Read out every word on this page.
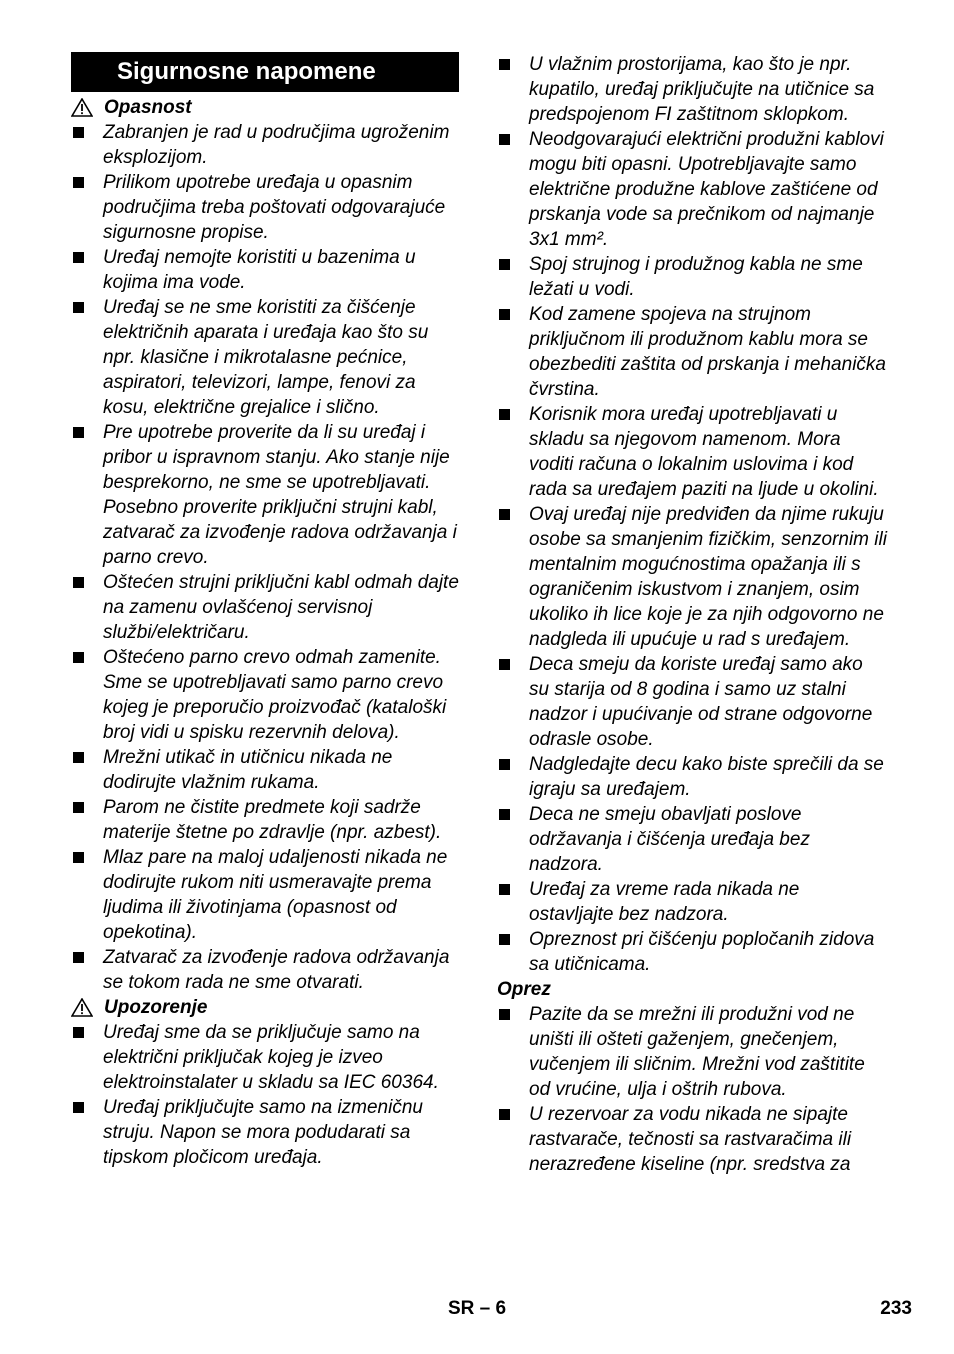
Sigurnosne napomene
Opasnost
Zabranjen je rad u područjima ugroženim eksplozijom.
Prilikom upotrebe uređaja u opasnim područjima treba poštovati odgovarajuće sigurnosne propise.
Uređaj nemojte koristiti u bazenima u kojima ima vode.
Uređaj se ne sme koristiti za čišćenje električnih aparata i uređaja kao što su npr. klasične i mikrotalasne pećnice, aspiratori, televizori, lampe, fenovi za kosu, električne grejalice i slično.
Pre upotrebe proverite da li su uređaj i pribor u ispravnom stanju. Ako stanje nije besprekorno, ne sme se upotrebljavati. Posebno proverite priključni strujni kabl, zatvarač za izvođenje radova održavanja i parno crevo.
Oštećen strujni priključni kabl odmah dajte na zamenu ovlašćenoj servisnoj službi/električaru.
Oštećeno parno crevo odmah zamenite. Sme se upotrebljavati samo parno crevo kojeg je preporučio proizvođač (kataloški broj vidi u spisku rezervnih delova).
Mrežni utikač in utičnicu nikada ne dodirujte vlažnim rukama.
Parom ne čistite predmete koji sadrže materije štetne po zdravlje (npr. azbest).
Mlaz pare na maloj udaljenosti nikada ne dodirujte rukom niti usmeravajte prema ljudima ili životinjama (opasnost od opekotina).
Zatvarač za izvođenje radova održavanja se tokom rada ne sme otvarati.
Upozorenje
Uređaj sme da se priključuje samo na električni priključak kojeg je izveo elektroinstalater u skladu sa IEC 60364.
Uređaj priključujte samo na izmeničnu struju. Napon se mora podudarati sa tipskom pločicom uređaja.
U vlažnim prostorijama, kao što je npr. kupatilo, uređaj priključujte na utičnice sa predspojenom FI zaštitnom sklopkom.
Neodgovarajući električni produžni kablovi mogu biti opasni. Upotrebljavajte samo električne produžne kablove zaštićene od prskanja vode sa prečnikom od najmanje 3x1 mm².
Spoj strujnog i produžnog kabla ne sme ležati u vodi.
Kod zamene spojeva na strujnom priključnom ili produžnom kablu mora se obezbediti zaštita od prskanja i mehanička čvrstina.
Korisnik mora uređaj upotrebljavati u skladu sa njegovom namenom. Mora voditi računa o lokalnim uslovima i kod rada sa uređajem paziti na ljude u okolini.
Ovaj uređaj nije predviđen da njime rukuju osobe sa smanjenim fizičkim, senzornim ili mentalnim mogućnostima opažanja ili s ograničenim iskustvom i znanjem, osim ukoliko ih lice koje je za njih odgovorno ne nadgleda ili upućuje u rad s uređajem.
Deca smeju da koriste uređaj samo ako su starija od 8 godina i samo uz stalni nadzor i upućivanje od strane odgovorne odrasle osobe.
Nadgledajte decu kako biste sprečili da se igraju sa uređajem.
Deca ne smeju obavljati poslove održavanja i čišćenja uređaja bez nadzora.
Uređaj za vreme rada nikada ne ostavljajte bez nadzora.
Opreznost pri čišćenju popločanih zidova sa utičnicama.
Oprez
Pazite da se mrežni ili produžni vod ne uništi ili ošteti gaženjem, gnečenjem, vučenjem ili sličnim. Mrežni vod zaštitite od vrućine, ulja i oštrih rubova.
U rezervoar za vodu nikada ne sipajte rastvarače, tečnosti sa rastvaračima ili nerazređene kiseline (npr. sredstva za
SR – 6	233
